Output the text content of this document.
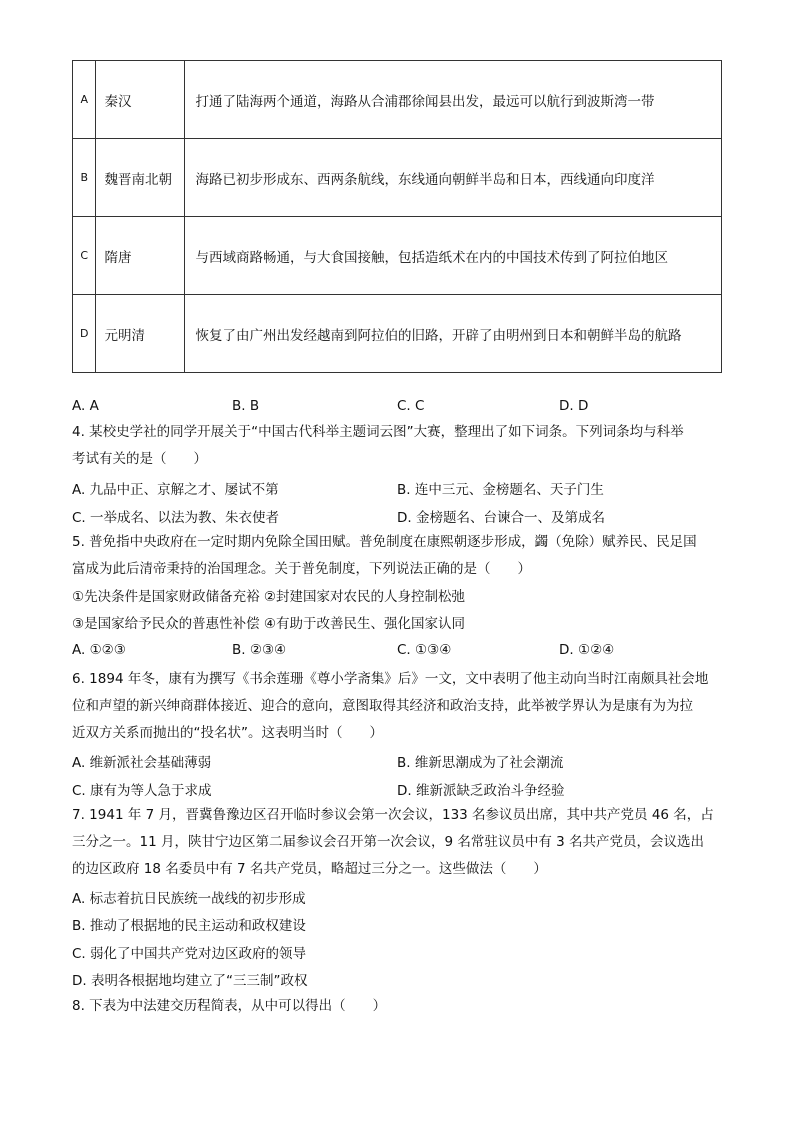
A	秦汉	打通了陆海两个通道，海路从合浦郡徐闻县出发，最远可以航行到波斯湾一带
B	魏晋南北朝	海路已初步形成东、西两条航线，东线通向朝鲜半岛和日本，西线通向印度洋
C	隋唐	与西域商路畅通，与大食国接触，包括造纸术在内的中国技术传到了阿拉伯地区
D	元明清	恢复了由广州出发经越南到阿拉伯的旧路，开辟了由明州到日本和朝鲜半岛的航路
A. A	B. B	C. C	D. D
4. 某校史学社的同学开展关于“中国古代科举主题词云图”大赛，整理出了如下词条。下列词条均与科举
考试有关的是（　　）
A. 九品中正、京解之才、屡试不第	B. 连中三元、金榜题名、天子门生
C. 一举成名、以法为教、朱衣使者	D. 金榜题名、台谏合一、及第成名
5. 普免指中央政府在一定时期内免除全国田赋。普免制度在康熙朝逐步形成，蠲（免除）赋养民、民足国
富成为此后清帝秉持的治国理念。关于普免制度，下列说法正确的是（　　）
①先决条件是国家财政储备充裕 ②封建国家对农民的人身控制松弛
③是国家给予民众的普惠性补偿 ④有助于改善民生、强化国家认同
A. ①②③	B. ②③④	C. ①③④	D. ①②④
6. 1894 年冬，康有为撰写《书余莲珊《尊小学斋集》后》一文，文中表明了他主动向当时江南颇具社会地
位和声望的新兴绅商群体接近、迎合的意向，意图取得其经济和政治支持，此举被学界认为是康有为为拉
近双方关系而抛出的“投名状”。这表明当时（　　）
A. 维新派社会基础薄弱	B. 维新思潮成为了社会潮流
C. 康有为等人急于求成	D. 维新派缺乏政治斗争经验
7. 1941 年 7 月，晋冀鲁豫边区召开临时参议会第一次会议，133 名参议员出席，其中共产党员 46 名，占
三分之一。11 月，陕甘宁边区第二届参议会召开第一次会议，9 名常驻议员中有 3 名共产党员，会议选出
的边区政府 18 名委员中有 7 名共产党员，略超过三分之一。这些做法（　　）
A. 标志着抗日民族统一战线的初步形成
B. 推动了根据地的民主运动和政权建设
C. 弱化了中国共产党对边区政府的领导
D. 表明各根据地均建立了“三三制”政权
8. 下表为中法建交历程简表，从中可以得出（　　）
